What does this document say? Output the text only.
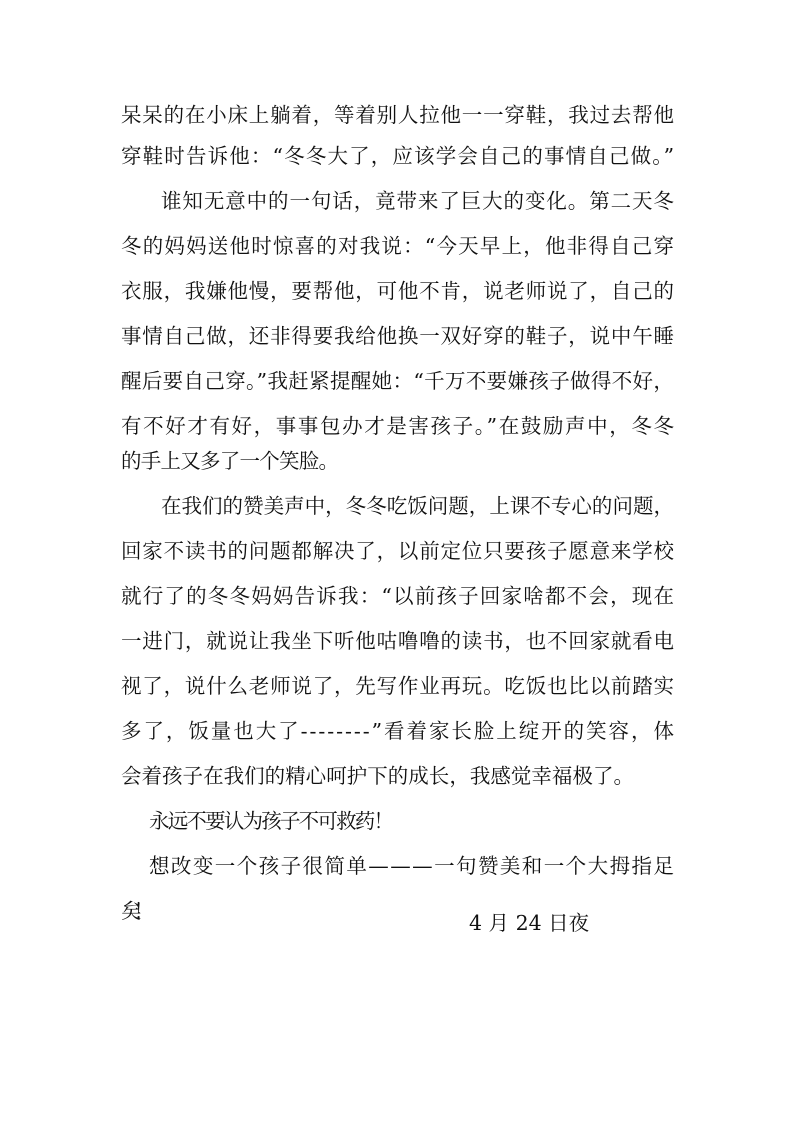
呆呆的在小床上躺着，等着别人拉他一一穿鞋，我过去帮他
穿鞋时告诉他：“冬冬大了，应该学会自己的事情自己做。”
谁知无意中的一句话，竟带来了巨大的变化。第二天冬
冬的妈妈送他时惊喜的对我说：“今天早上，他非得自己穿
衣服，我嫌他慢，要帮他，可他不肯，说老师说了，自己的
事情自己做，还非得要我给他换一双好穿的鞋子，说中午睡
醒后要自己穿。”我赶紧提醒她：“千万不要嫌孩子做得不好，
有不好才有好，事事包办才是害孩子。”在鼓励声中，冬冬
的手上又多了一个笑脸。
在我们的赞美声中，冬冬吃饭问题，上课不专心的问题，
回家不读书的问题都解决了，以前定位只要孩子愿意来学校
就行了的冬冬妈妈告诉我：“以前孩子回家啥都不会，现在
一进门，就说让我坐下听他咕噜噜的读书，也不回家就看电
视了，说什么老师说了，先写作业再玩。吃饭也比以前踏实
多了，饭量也大了--------”看着家长脸上绽开的笑容，体
会着孩子在我们的精心呵护下的成长，我感觉幸福极了。
永远不要认为孩子不可救药！
想改变一个孩子很简单———一句赞美和一个大拇指足
矣！	4 月 24 日夜
